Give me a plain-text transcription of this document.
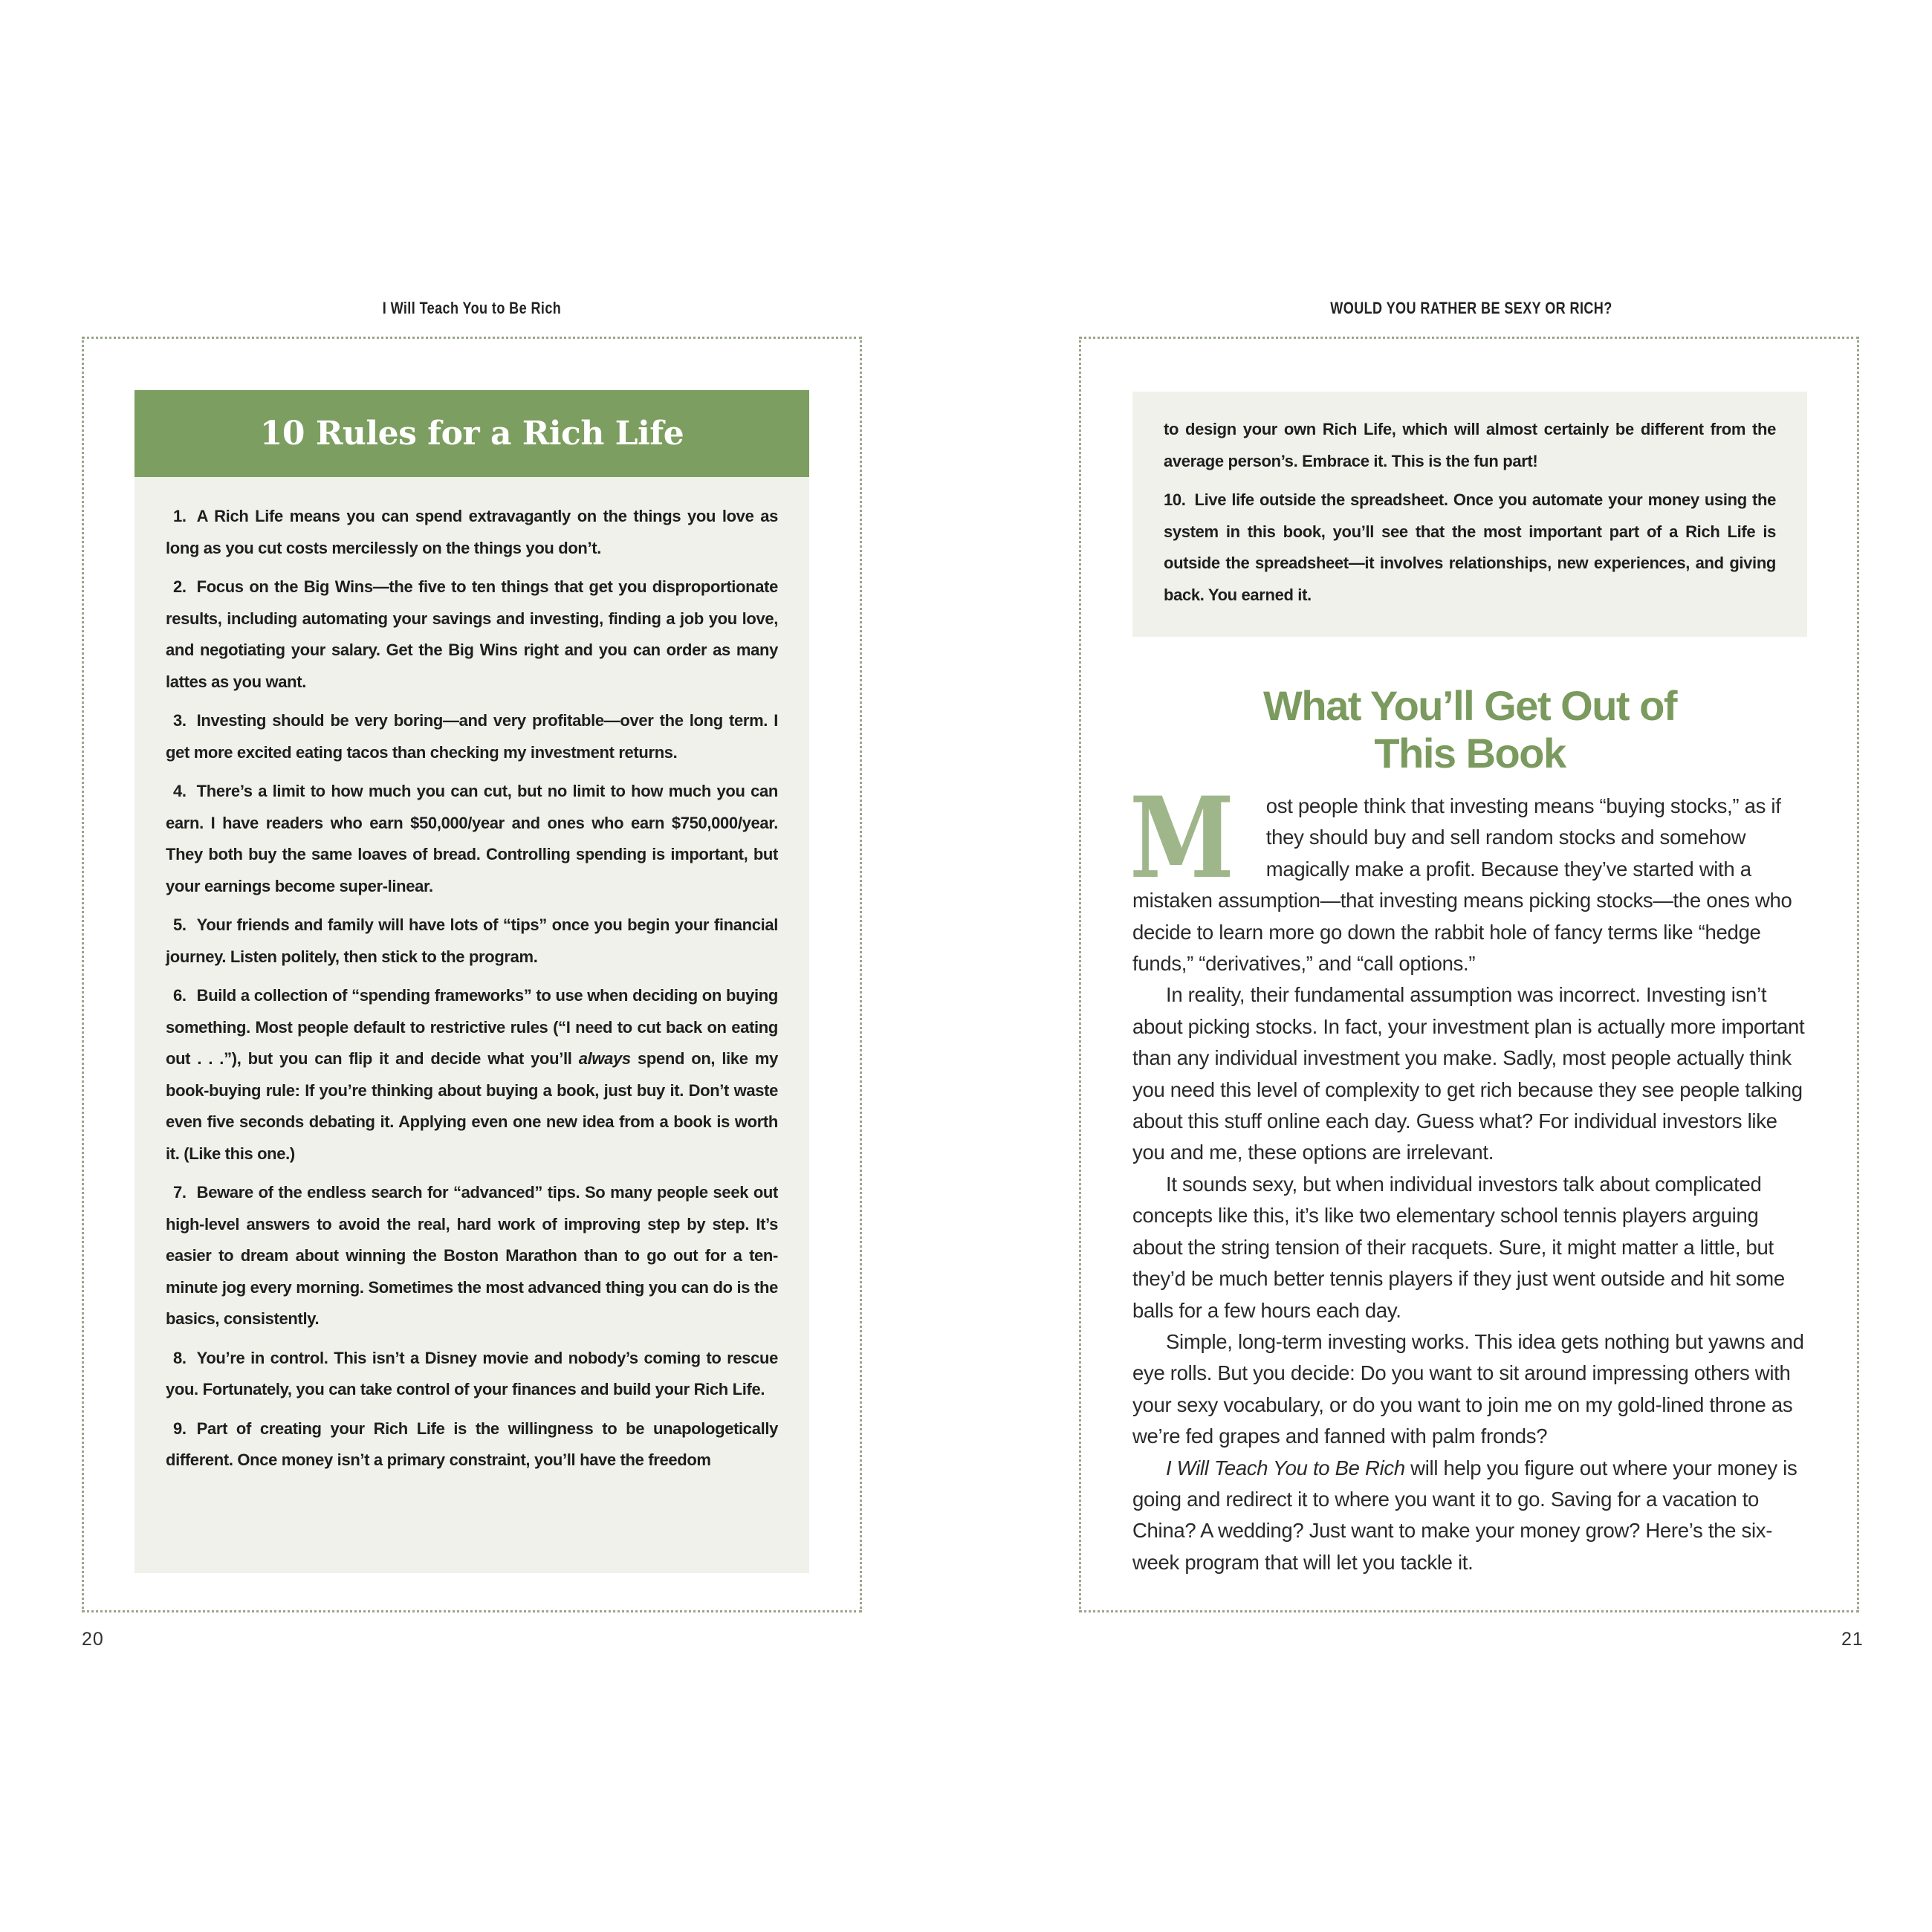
I Will Teach You to Be Rich
10 Rules for a Rich Life

1. A Rich Life means you can spend extravagantly on the things you love as long as you cut costs mercilessly on the things you don’t.

2. Focus on the Big Wins—the five to ten things that get you disproportionate results, including automating your savings and investing, finding a job you love, and negotiating your salary. Get the Big Wins right and you can order as many lattes as you want.

3. Investing should be very boring—and very profitable—over the long term. I get more excited eating tacos than checking my investment returns.

4. There’s a limit to how much you can cut, but no limit to how much you can earn. I have readers who earn $50,000/year and ones who earn $750,000/year. They both buy the same loaves of bread. Controlling spending is important, but your earnings become super-linear.

5. Your friends and family will have lots of “tips” once you begin your financial journey. Listen politely, then stick to the program.

6. Build a collection of “spending frameworks” to use when deciding on buying something. Most people default to restrictive rules (“I need to cut back on eating out . . .”), but you can flip it and decide what you’ll always spend on, like my book-buying rule: If you’re thinking about buying a book, just buy it. Don’t waste even five seconds debating it. Applying even one new idea from a book is worth it. (Like this one.)

7. Beware of the endless search for “advanced” tips. So many people seek out high-level answers to avoid the real, hard work of improving step by step. It’s easier to dream about winning the Boston Marathon than to go out for a ten-minute jog every morning. Sometimes the most advanced thing you can do is the basics, consistently.

8. You’re in control. This isn’t a Disney movie and nobody’s coming to rescue you. Fortunately, you can take control of your finances and build your Rich Life.

9. Part of creating your Rich Life is the willingness to be unapologetically different. Once money isn’t a primary constraint, you’ll have the freedom

20
WOULD YOU RATHER BE SEXY OR RICH?

to design your own Rich Life, which will almost certainly be different from the average person’s. Embrace it. This is the fun part!

10. Live life outside the spreadsheet. Once you automate your money using the system in this book, you’ll see that the most important part of a Rich Life is outside the spreadsheet—it involves relationships, new experiences, and giving back. You earned it.

What You’ll Get Out of
This Book

M ost people think that investing means “buying stocks,” as if they should buy and sell random stocks and somehow magically make a profit. Because they’ve started with a mistaken assumption—that investing means picking stocks—the ones who decide to learn more go down the rabbit hole of fancy terms like “hedge funds,” “derivatives,” and “call options.”

In reality, their fundamental assumption was incorrect. Investing isn’t about picking stocks. In fact, your investment plan is actually more important than any individual investment you make. Sadly, most people actually think you need this level of complexity to get rich because they see people talking about this stuff online each day. Guess what? For individual investors like you and me, these options are irrelevant.

It sounds sexy, but when individual investors talk about complicated concepts like this, it’s like two elementary school tennis players arguing about the string tension of their racquets. Sure, it might matter a little, but they’d be much better tennis players if they just went outside and hit some balls for a few hours each day.

Simple, long-term investing works. This idea gets nothing but yawns and eye rolls. But you decide: Do you want to sit around impressing others with your sexy vocabulary, or do you want to join me on my gold-lined throne as we’re fed grapes and fanned with palm fronds?

I Will Teach You to Be Rich will help you figure out where your money is going and redirect it to where you want it to go. Saving for a vacation to China? A wedding? Just want to make your money grow? Here’s the six-week program that will let you tackle it.

21
